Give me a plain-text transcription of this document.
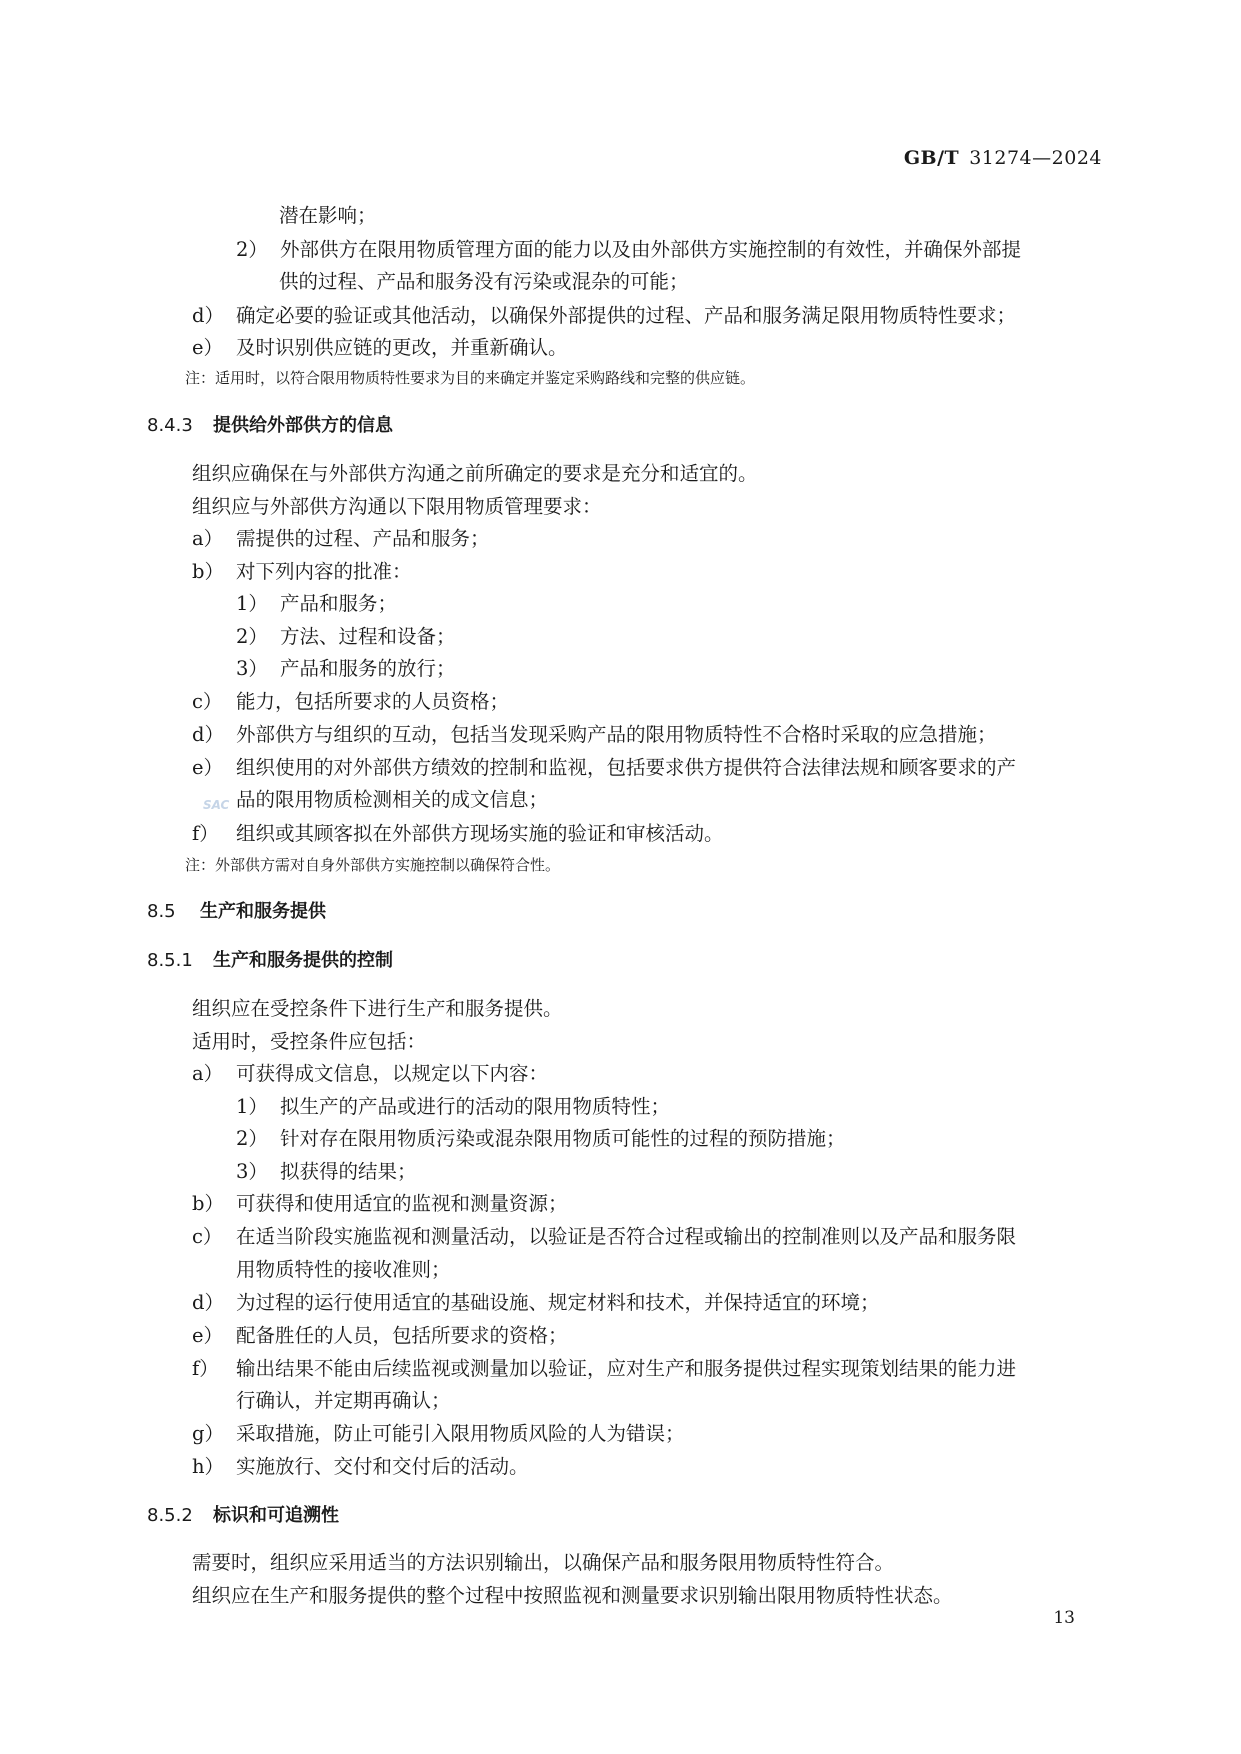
GB/T 31274—2024
潜在影响；
2） 外部供方在限用物质管理方面的能力以及由外部供方实施控制的有效性，并确保外部提
供的过程、产品和服务没有污染或混杂的可能；
d） 确定必要的验证或其他活动，以确保外部提供的过程、产品和服务满足限用物质特性要求；
e） 及时识别供应链的更改，并重新确认。
注：适用时，以符合限用物质特性要求为目的来确定并鉴定采购路线和完整的供应链。
8.4.3 提供给外部供方的信息
组织应确保在与外部供方沟通之前所确定的要求是充分和适宜的。
组织应与外部供方沟通以下限用物质管理要求：
a） 需提供的过程、产品和服务；
b） 对下列内容的批准：
1） 产品和服务；
2） 方法、过程和设备；
3） 产品和服务的放行；
c） 能力，包括所要求的人员资格；
d） 外部供方与组织的互动，包括当发现采购产品的限用物质特性不合格时采取的应急措施；
e） 组织使用的对外部供方绩效的控制和监视，包括要求供方提供符合法律法规和顾客要求的产
品的限用物质检测相关的成文信息；
f） 组织或其顾客拟在外部供方现场实施的验证和审核活动。
SAC
注：外部供方需对自身外部供方实施控制以确保符合性。
8.5 生产和服务提供
8.5.1 生产和服务提供的控制
组织应在受控条件下进行生产和服务提供。
适用时，受控条件应包括：
a） 可获得成文信息，以规定以下内容：
1） 拟生产的产品或进行的活动的限用物质特性；
2） 针对存在限用物质污染或混杂限用物质可能性的过程的预防措施；
3） 拟获得的结果；
b） 可获得和使用适宜的监视和测量资源；
c） 在适当阶段实施监视和测量活动，以验证是否符合过程或输出的控制准则以及产品和服务限
用物质特性的接收准则；
d） 为过程的运行使用适宜的基础设施、规定材料和技术，并保持适宜的环境；
e） 配备胜任的人员，包括所要求的资格；
f） 输出结果不能由后续监视或测量加以验证，应对生产和服务提供过程实现策划结果的能力进
行确认，并定期再确认；
g） 采取措施，防止可能引入限用物质风险的人为错误；
h） 实施放行、交付和交付后的活动。
8.5.2 标识和可追溯性
需要时，组织应采用适当的方法识别输出，以确保产品和服务限用物质特性符合。
组织应在生产和服务提供的整个过程中按照监视和测量要求识别输出限用物质特性状态。
13
